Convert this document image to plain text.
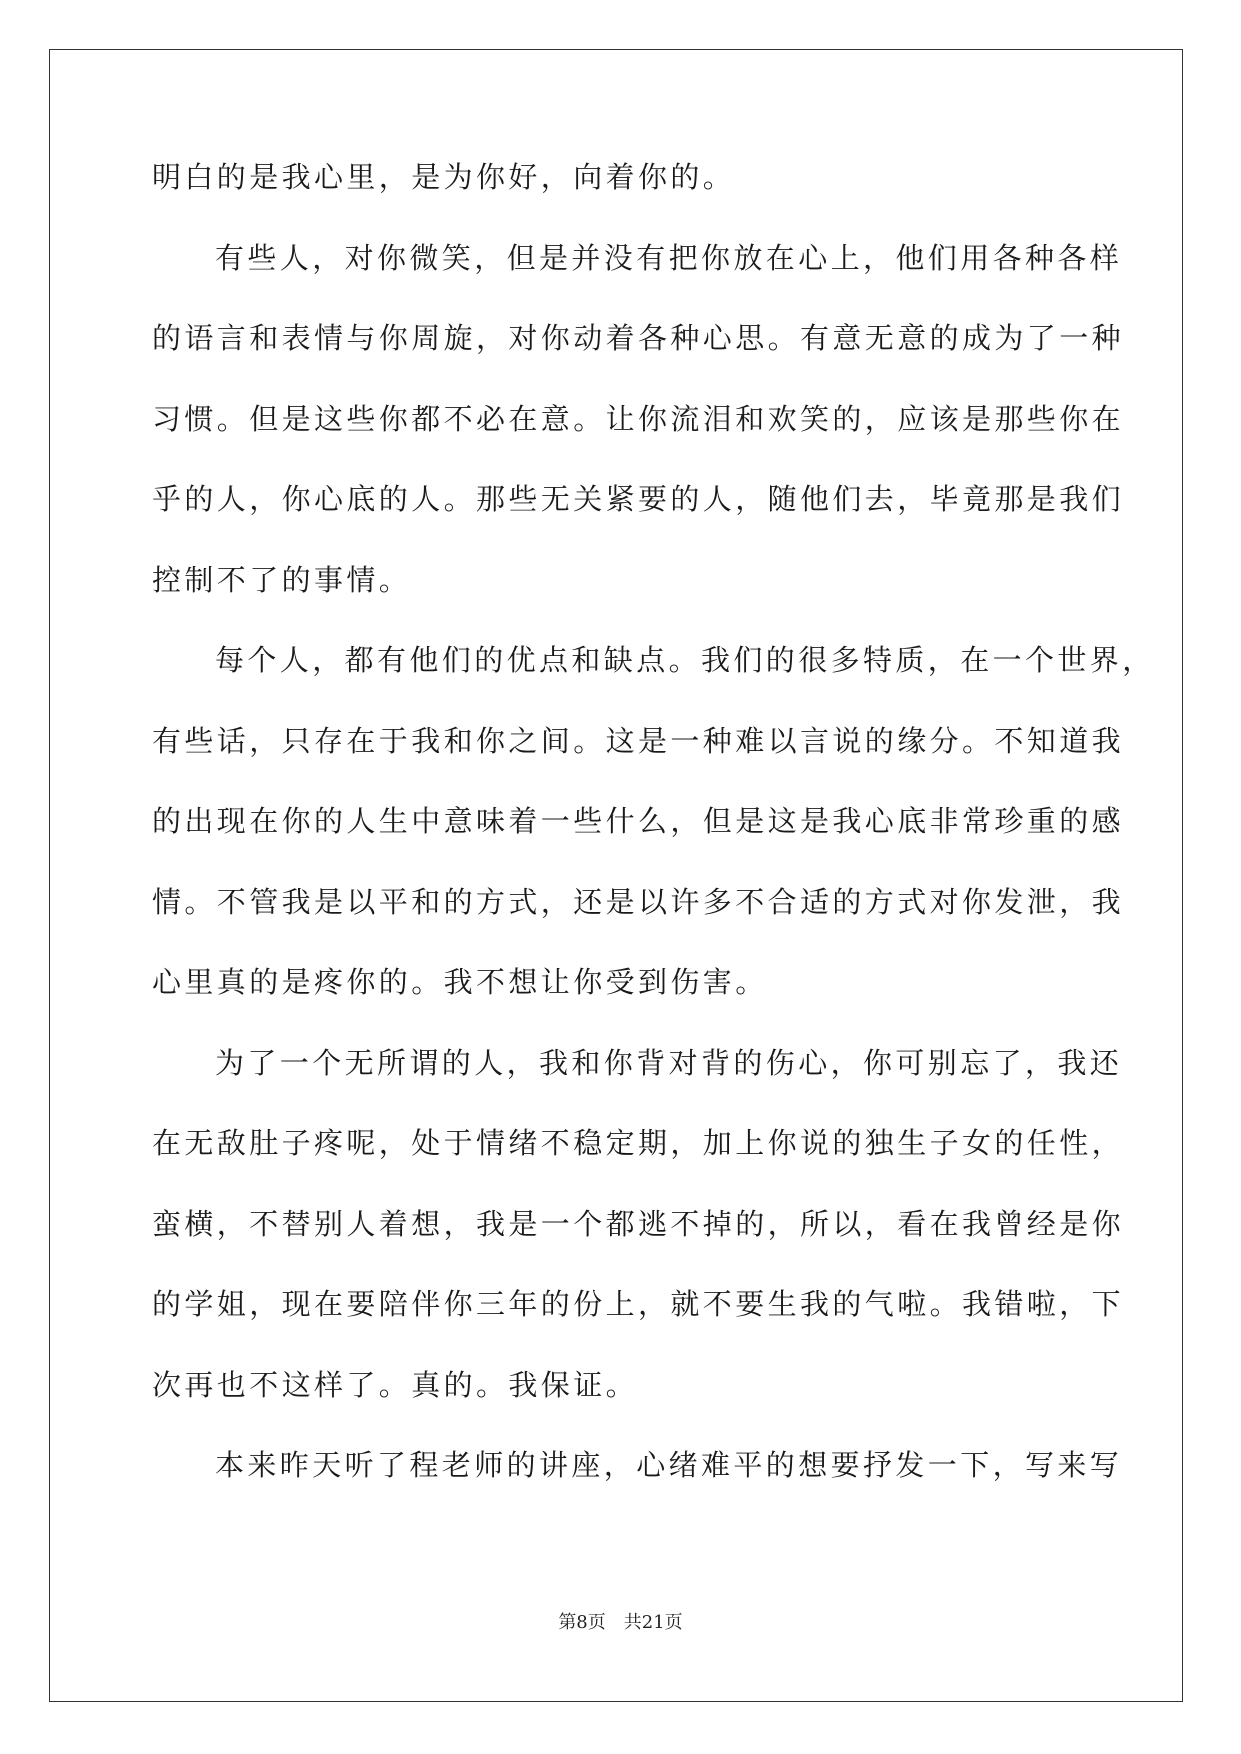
明白的是我心里，是为你好，向着你的。
有些人，对你微笑，但是并没有把你放在心上，他们用各种各样
的语言和表情与你周旋，对你动着各种心思。有意无意的成为了一种
习惯。但是这些你都不必在意。让你流泪和欢笑的，应该是那些你在
乎的人，你心底的人。那些无关紧要的人，随他们去，毕竟那是我们
控制不了的事情。
每个人，都有他们的优点和缺点。我们的很多特质，在一个世界，
有些话，只存在于我和你之间。这是一种难以言说的缘分。不知道我
的出现在你的人生中意味着一些什么，但是这是我心底非常珍重的感
情。不管我是以平和的方式，还是以许多不合适的方式对你发泄，我
心里真的是疼你的。我不想让你受到伤害。
为了一个无所谓的人，我和你背对背的伤心，你可别忘了，我还
在无敌肚子疼呢，处于情绪不稳定期，加上你说的独生子女的任性，
蛮横，不替别人着想，我是一个都逃不掉的，所以，看在我曾经是你
的学姐，现在要陪伴你三年的份上，就不要生我的气啦。我错啦，下
次再也不这样了。真的。我保证。
本来昨天听了程老师的讲座，心绪难平的想要抒发一下，写来写
第8页 共21页
